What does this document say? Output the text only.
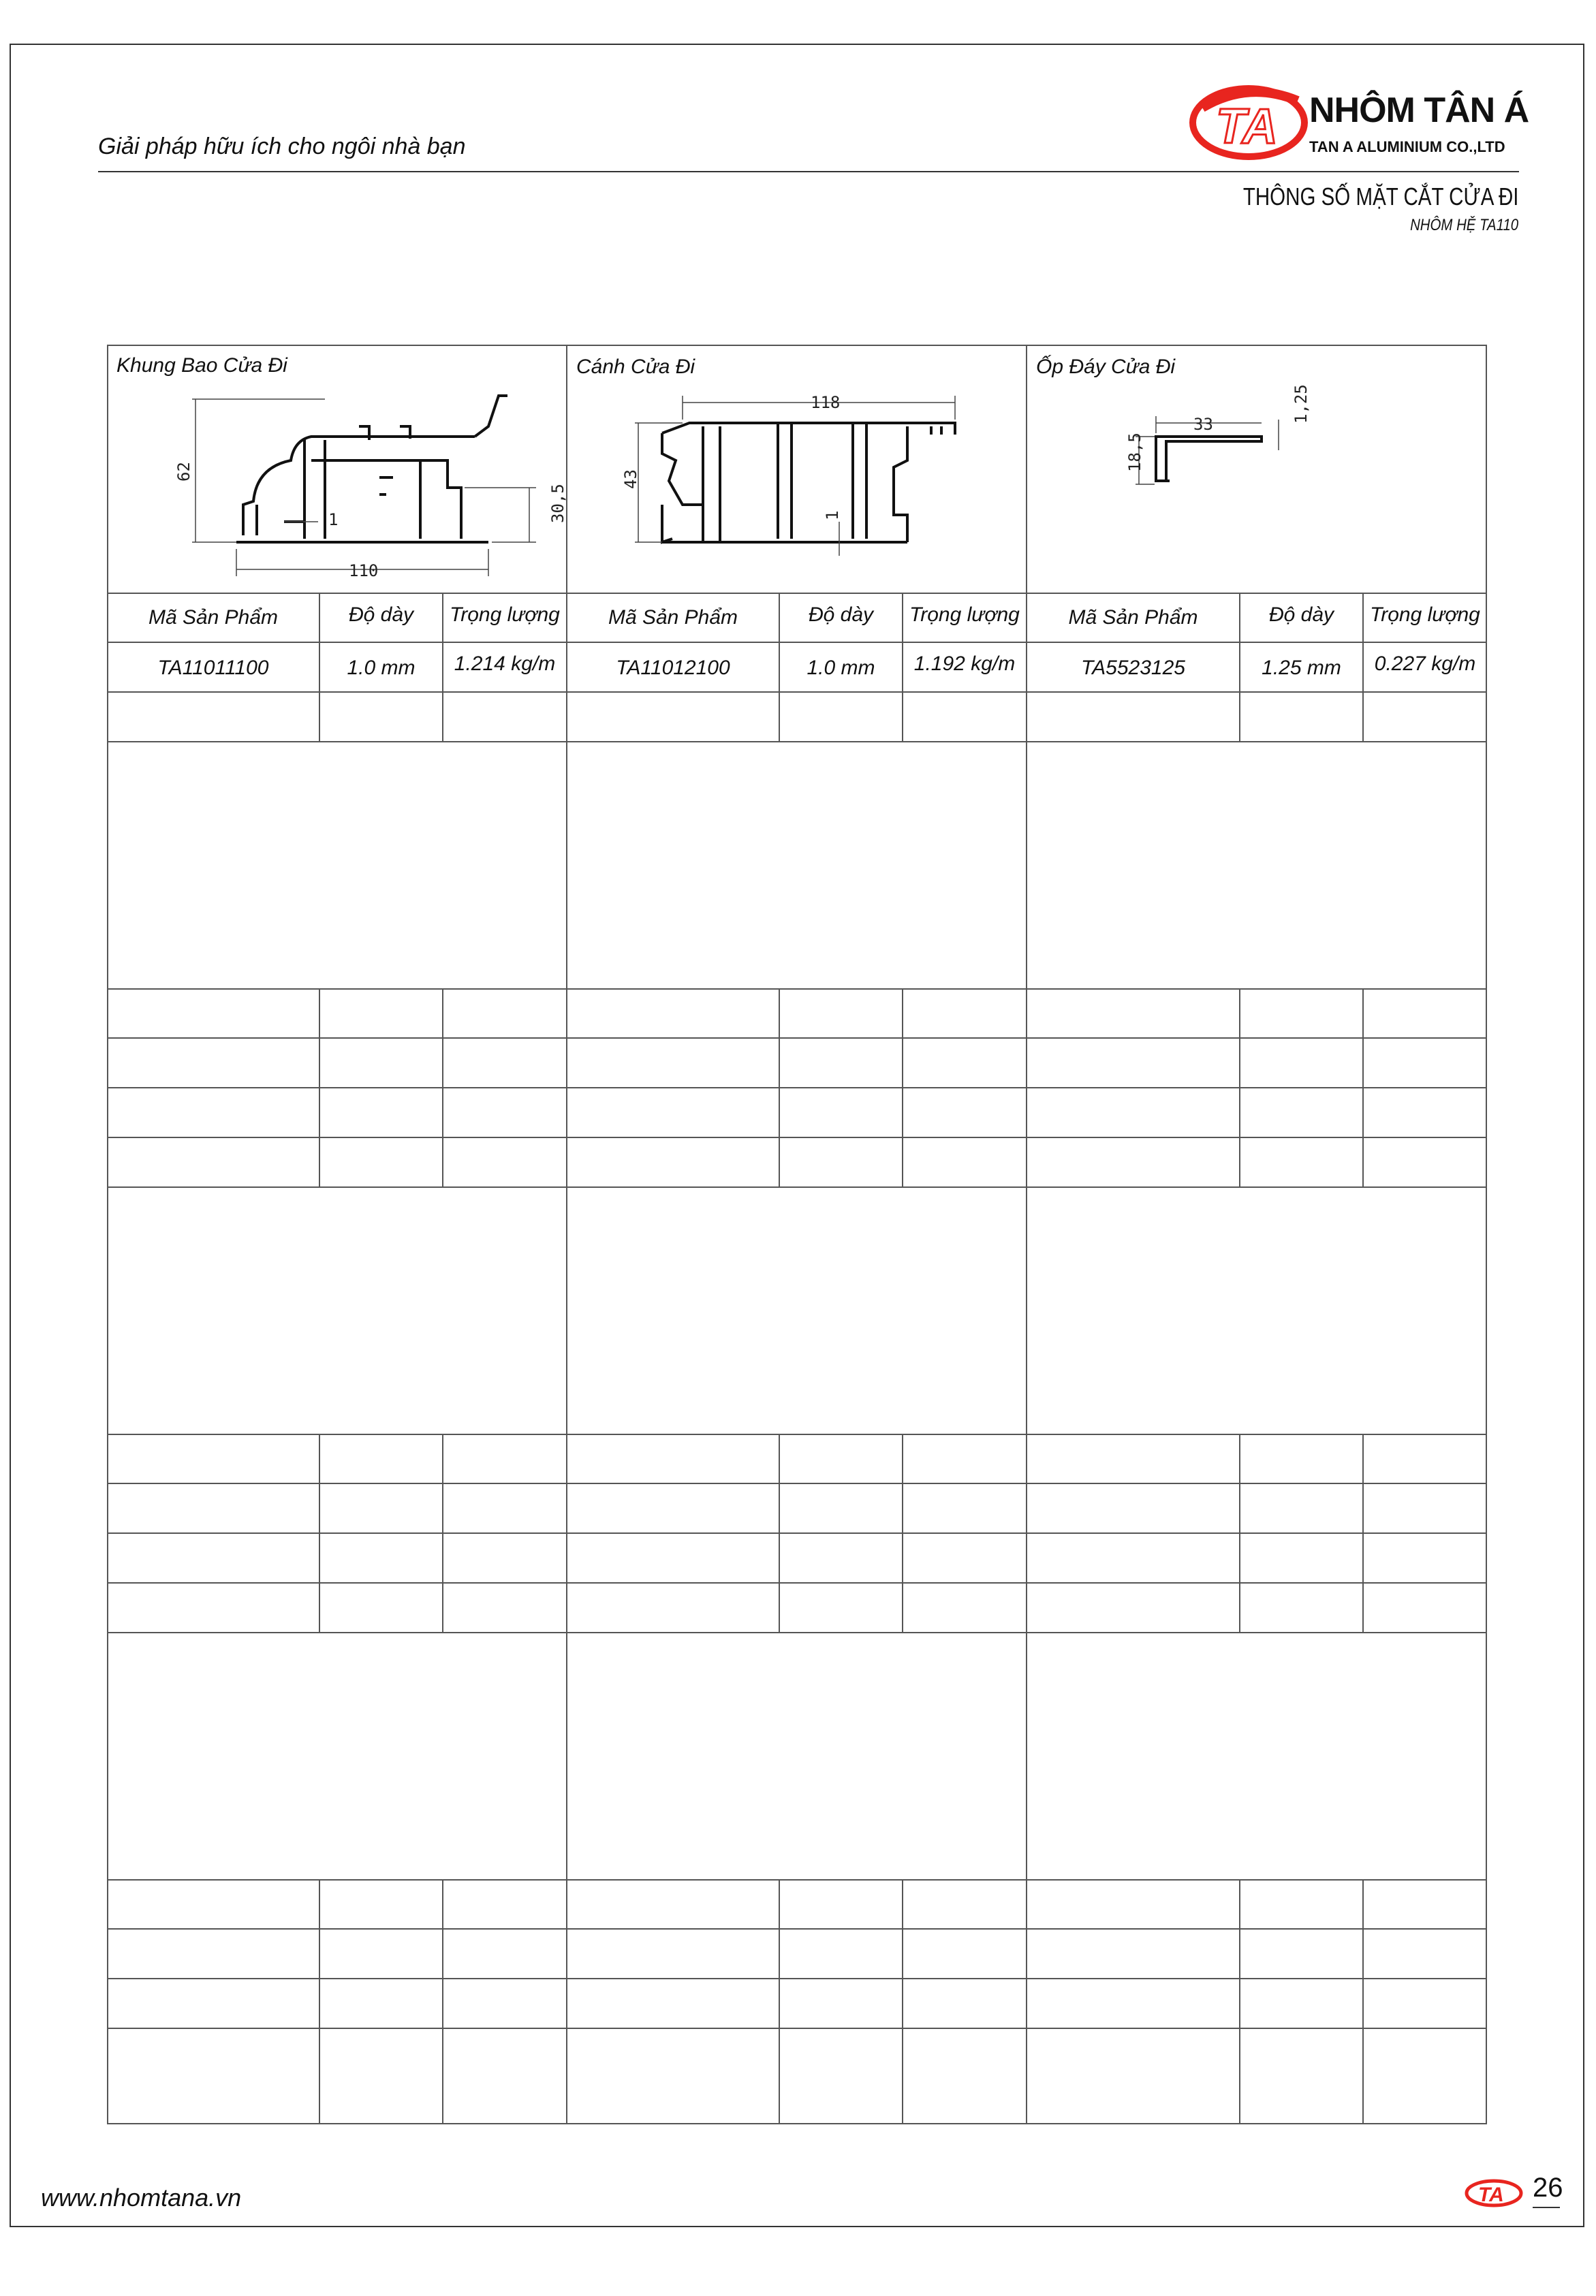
Giải pháp hữu ích cho ngôi nhà bạn	TA NHÔM TÂN Á
TAN A ALUMINIUM CO.,LTD
THÔNG SỐ MẶT CẮT CỬA ĐI
NHÔM HỆ TA110
Khung Bao Cửa Đi
62
110
30,5
1
Mã Sản Phẩm	Độ dày	Trọng lượng
TA11011100	1.0 mm	1.214 kg/m
Cánh Cửa Đi
118
43
1
Mã Sản Phẩm	Độ dày	Trọng lượng
TA11012100	1.0 mm	1.192 kg/m
Ốp Đáy Cửa Đi
33
1,25
18,5
Mã Sản Phẩm	Độ dày	Trọng lượng
TA5523125	1.25 mm	0.227 kg/m
www.nhomtana.vn	TA 26
